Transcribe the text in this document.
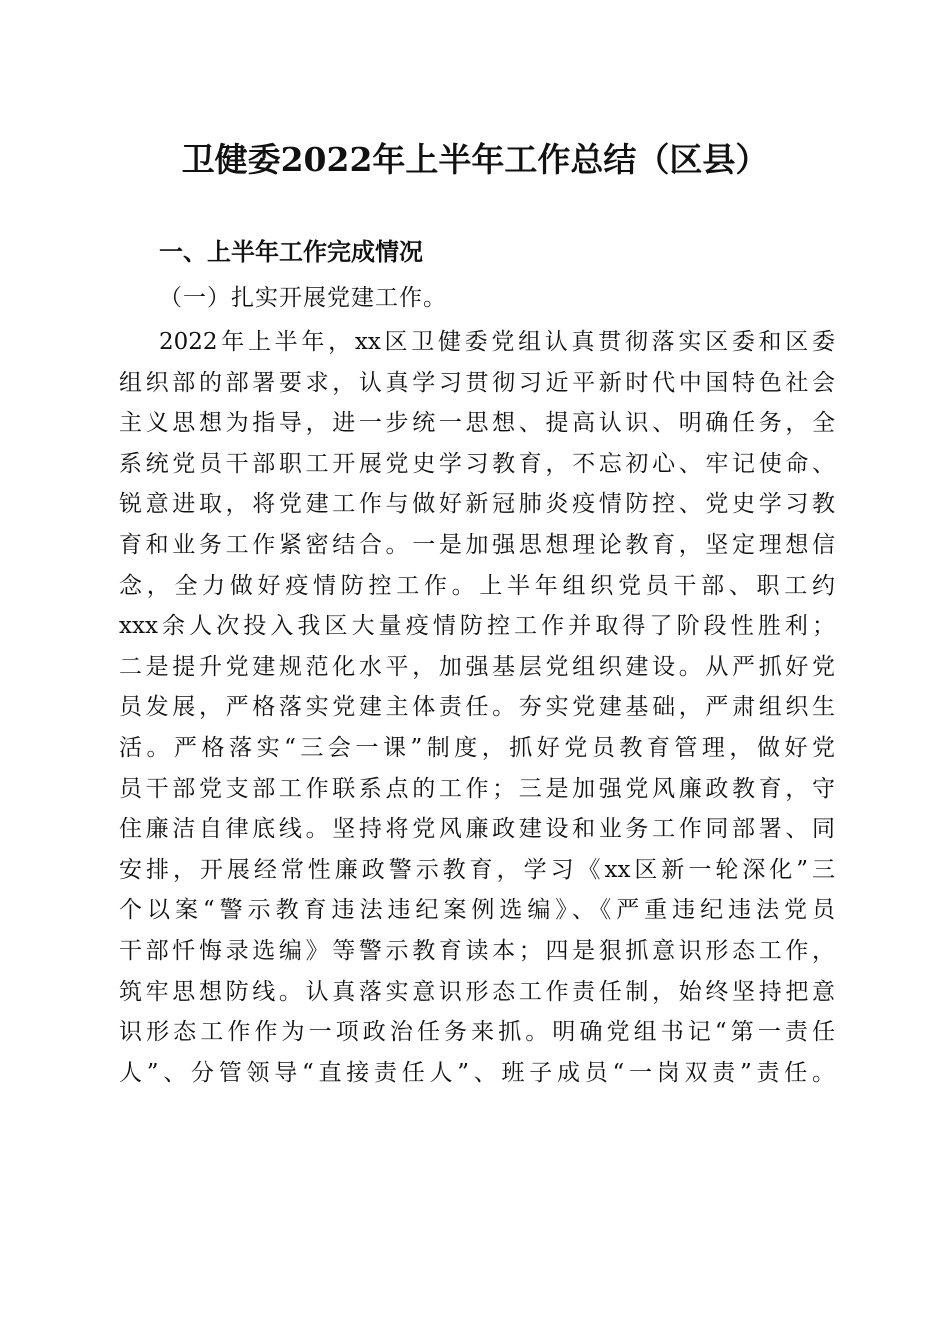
卫健委2022年上半年工作总结（区县）
一、上半年工作完成情况
（一）扎实开展党建工作。
2022年上半年，xx区卫健委党组认真贯彻落实区委和区委
组织部的部署要求，认真学习贯彻习近平新时代中国特色社会
主义思想为指导，进一步统一思想、提高认识、明确任务，全
系统党员干部职工开展党史学习教育，不忘初心、牢记使命、
锐意进取，将党建工作与做好新冠肺炎疫情防控、党史学习教
育和业务工作紧密结合。一是加强思想理论教育，坚定理想信
念，全力做好疫情防控工作。上半年组织党员干部、职工约
xxx余人次投入我区大量疫情防控工作并取得了阶段性胜利；
二是提升党建规范化水平，加强基层党组织建设。从严抓好党
员发展，严格落实党建主体责任。夯实党建基础，严肃组织生
活。严格落实“三会一课”制度，抓好党员教育管理，做好党
员干部党支部工作联系点的工作；三是加强党风廉政教育，守
住廉洁自律底线。坚持将党风廉政建设和业务工作同部署、同
安排，开展经常性廉政警示教育，学习《xx区新一轮深化”三
个以案“警示教育违法违纪案例选编》、《严重违纪违法党员
干部忏悔录选编》等警示教育读本；四是狠抓意识形态工作，
筑牢思想防线。认真落实意识形态工作责任制，始终坚持把意
识形态工作作为一项政治任务来抓。明确党组书记“第一责任
人”、分管领导“直接责任人”、班子成员“一岗双责”责任。
